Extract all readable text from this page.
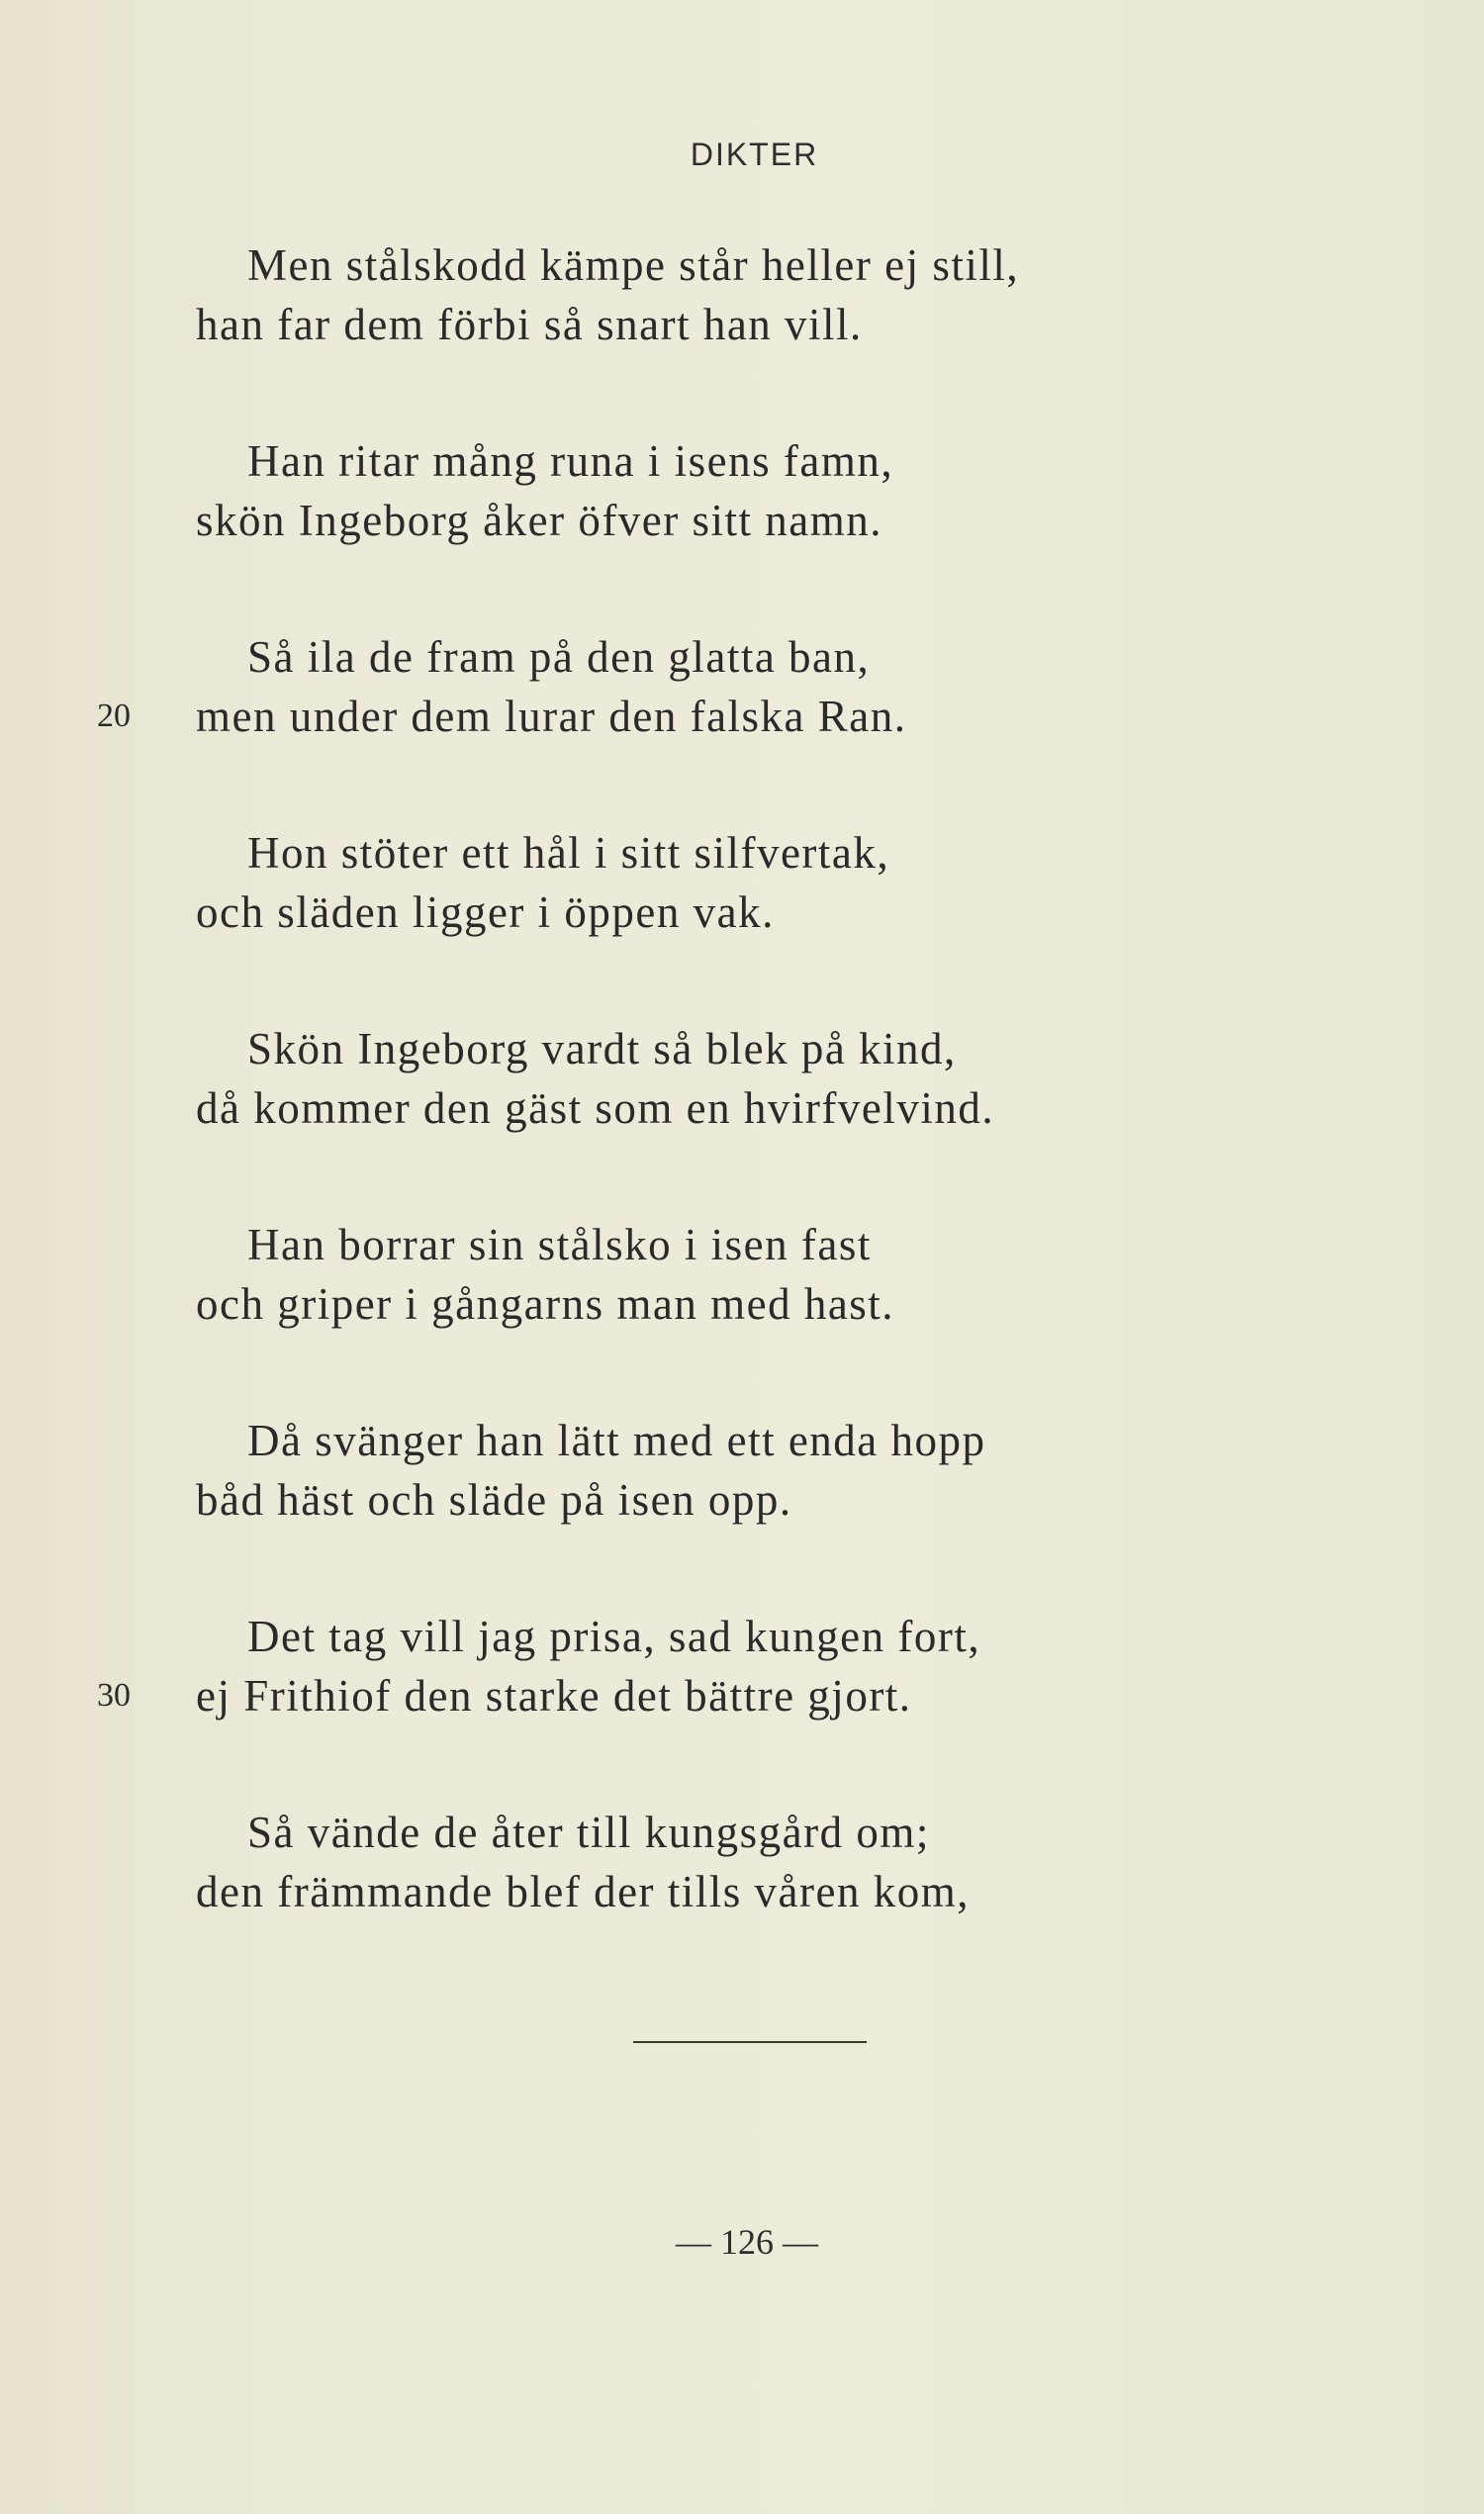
DIKTER
Men stålskodd kämpe står heller ej still,
han far dem förbi så snart han vill.
Han ritar mång runa i isens famn,
skön Ingeborg åker öfver sitt namn.
Så ila de fram på den glatta ban,
20 men under dem lurar den falska Ran.
Hon stöter ett hål i sitt silfvertak,
och släden ligger i öppen vak.
Skön Ingeborg vardt så blek på kind,
då kommer den gäst som en hvirfvelvind.
Han borrar sin stålsko i isen fast
och griper i gångarns man med hast.
Då svänger han lätt med ett enda hopp
båd häst och släde på isen opp.
Det tag vill jag prisa, sad kungen fort,
30 ej Frithiof den starke det bättre gjort.
Så vände de åter till kungsgård om;
den främmande blef der tills våren kom,
— 126 —
